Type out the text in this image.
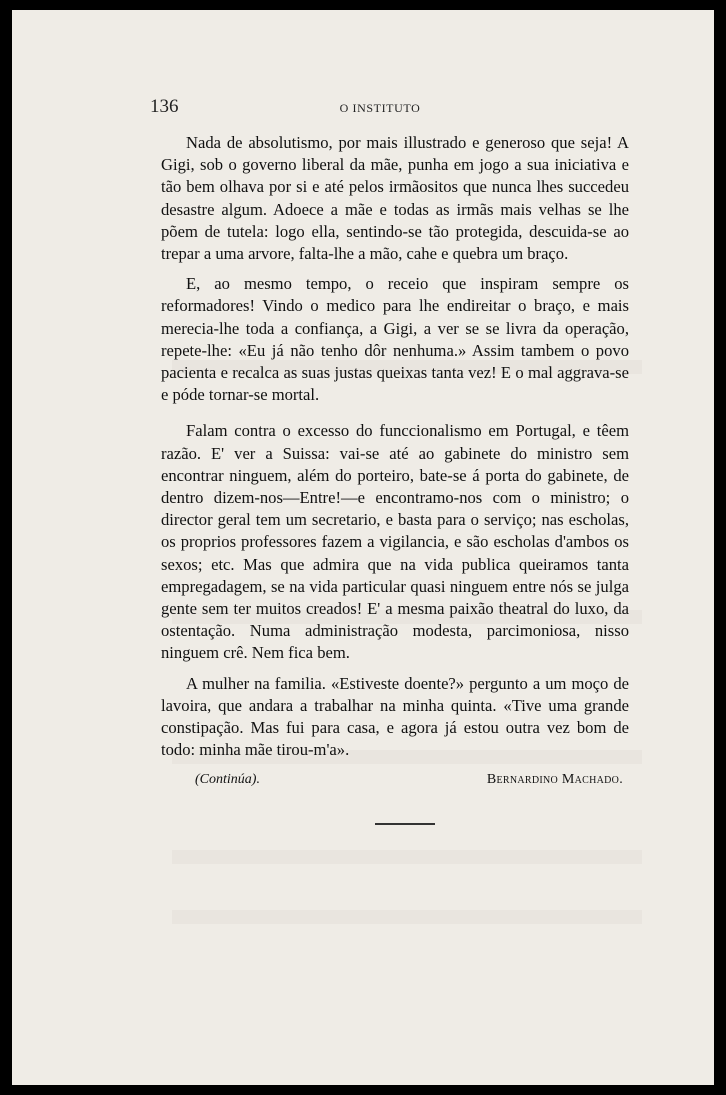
136	O INSTITUTO

Nada de absolutismo, por mais illustrado e generoso que seja! A Gigi, sob o governo liberal da mãe, punha em jogo a sua iniciativa e tão bem olhava por si e até pelos irmãositos que nunca lhes succedeu desastre algum. Adoece a mãe e todas as irmãs mais velhas se lhe põem de tutela: logo ella, sentindo-se tão protegida, descuida-se ao trepar a uma arvore, falta-lhe a mão, cahe e quebra um braço.

E, ao mesmo tempo, o receio que inspiram sempre os reformadores! Vindo o medico para lhe endireitar o braço, e mais merecia-lhe toda a confiança, a Gigi, a ver se se livra da operação, repete-lhe: «Eu já não tenho dôr nenhuma.» Assim tambem o povo pacienta e recalca as suas justas queixas tanta vez! E o mal aggrava-se e póde tornar-se mortal.

Falam contra o excesso do funccionalismo em Portugal, e têem razão. E' ver a Suissa: vai-se até ao gabinete do ministro sem encontrar ninguem, além do porteiro, bate-se á porta do gabinete, de dentro dizem-nos—Entre!—e encontramo-nos com o ministro; o director geral tem um secretario, e basta para o serviço; nas escholas, os proprios professores fazem a vigilancia, e são escholas d'ambos os sexos; etc. Mas que admira que na vida publica queiramos tanta empregadagem, se na vida particular quasi ninguem entre nós se julga gente sem ter muitos creados! E' a mesma paixão theatral do luxo, da ostentação. Numa administração modesta, parcimoniosa, nisso ninguem crê. Nem fica bem.

A mulher na familia. «Estiveste doente?» pergunto a um moço de lavoira, que andara a trabalhar na minha quinta. «Tive uma grande constipação. Mas fui para casa, e agora já estou outra vez bom de todo: minha mãe tirou-m'a».

(Continúa).	Bernardino Machado.
